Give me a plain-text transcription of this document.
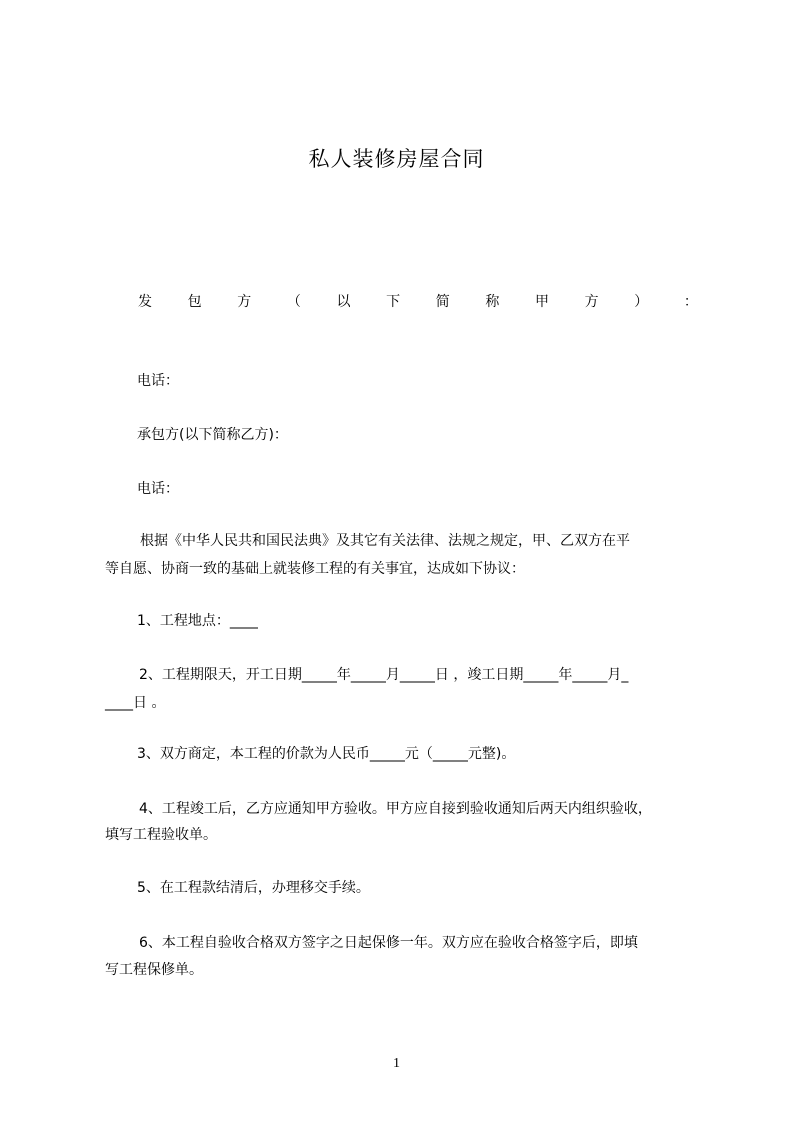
私人装修房屋合同
发	包	方	（	以	下	简	称	甲	方	）	：
电话：
承包方(以下简称乙方)：
电话：
根据《中华人民共和国民法典》及其它有关法律、法规之规定，甲、乙双方在平
等自愿、协商一致的基础上就装修工程的有关事宜，达成如下协议：
1、工程地点：____
2、工程期限天，开工日期_____年_____月_____日 ，竣工日期_____年_____月_
____日 。
3、双方商定，本工程的价款为人民币_____元（_____元整)。
4、工程竣工后，乙方应通知甲方验收。甲方应自接到验收通知后两天内组织验收，
填写工程验收单。
5、在工程款结清后，办理移交手续。
6、本工程自验收合格双方签字之日起保修一年。双方应在验收合格签字后，即填
写工程保修单。
1
